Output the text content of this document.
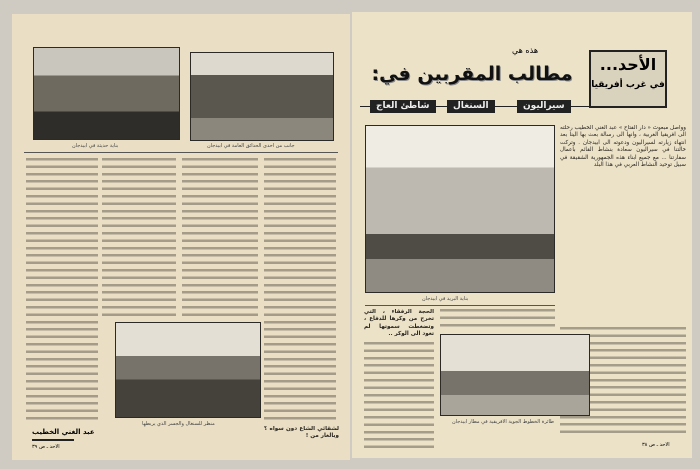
بناية حديثة في ابيدجان	جانب من احدى الحدائق العامة في ابيدجان
منظر للسنغال والجسر الذي يربطها
لشقائي الشاع دون سواه ؟ وبالغار من !
عبد الغني الخطيب
الاحد ـ ص ٣٩
الأحد...
في غرب أفريقيا
هذه هي
مطالب المقربين في:
سيراليون
السنغال
شاطئ العاج
بناية البريد في ابيدجان
وواصل مبعوث « دار الفتاح » عبد الغني الخطيب رحلته الى افريقيا الغربية ، وانها الى رسالة بعث بها الينا بعد انتهاء زيارته لسيراليون ودعوته الى ابيدجان . وتركت خالتنا في سيراليون سعادة بنشاط القائم باعمال سفارتنا ... مع جميع ابناء هذه الجمهورية الشقيقة في سبيل توحيد النشاط العربي في هذا البلد
الحجة الرفقاء ، التي تخرج من وكرها للدفاع ، وتضغطت سموتها لم تعود الى الوكر ..
طائرة الخطوط الجوية الافريقية في مطار ابيدجان
الاحد ـ ص ٣٨
